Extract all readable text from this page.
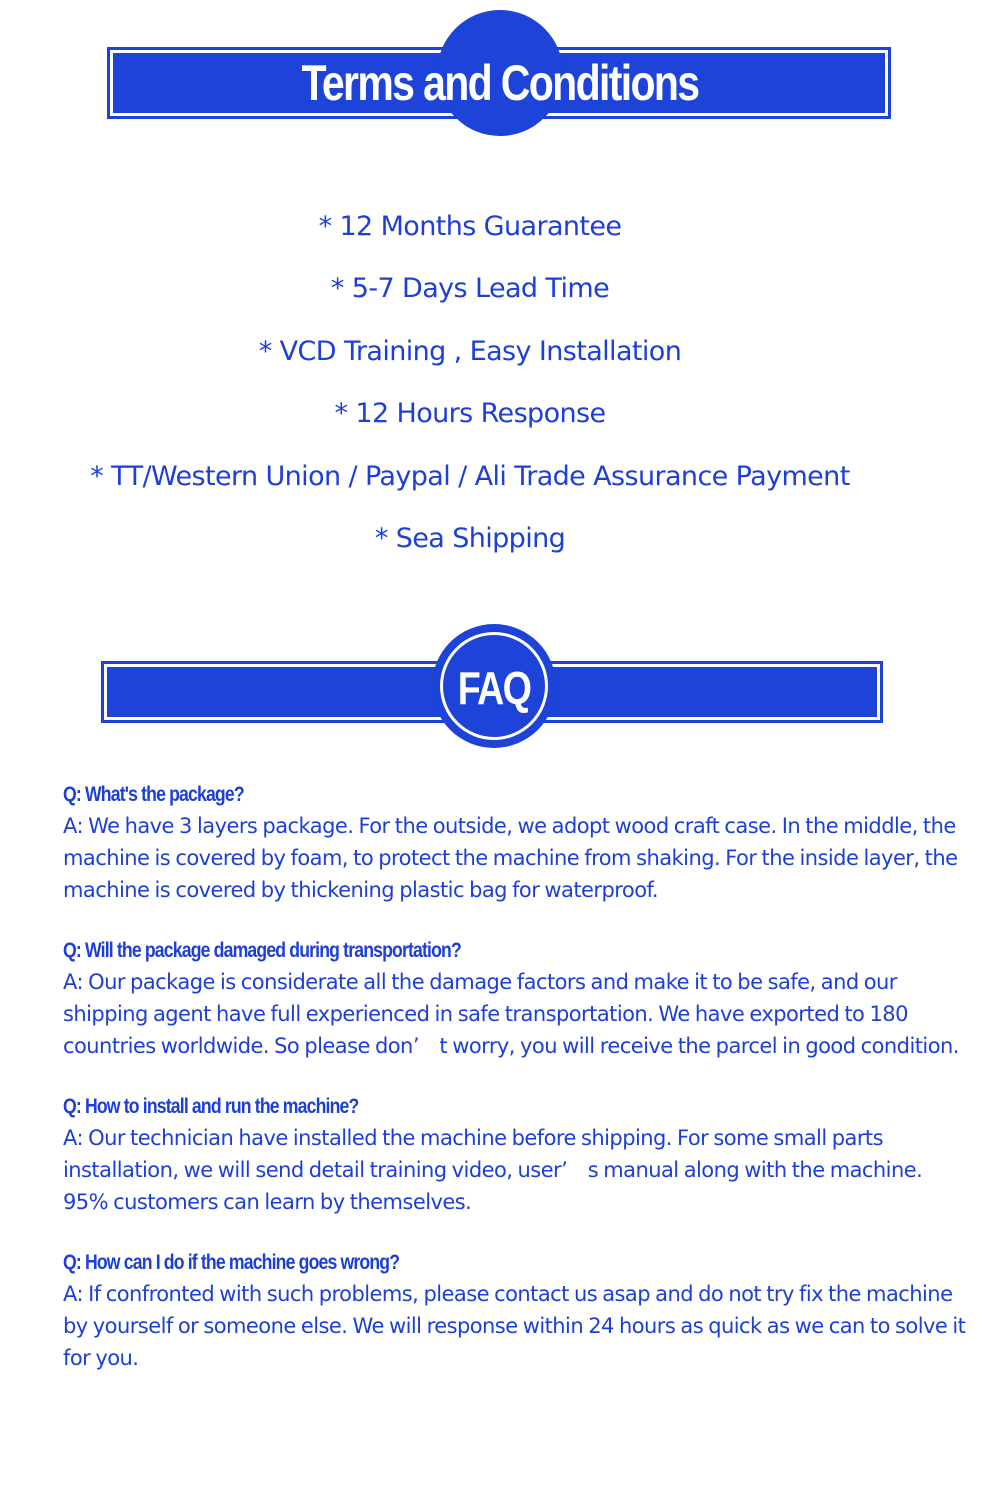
Terms and Conditions
* 12 Months Guarantee
* 5-7 Days Lead Time
* VCD Training , Easy Installation
* 12 Hours Response
* TT/Western Union / Paypal / Ali Trade Assurance Payment
* Sea Shipping
FAQ
Q: What's the package?
A: We have 3 layers package. For the outside, we adopt wood craft case. In the middle, the machine is covered by foam, to protect the machine from shaking. For the inside layer, the machine is covered by thickening plastic bag for waterproof.
Q: Will the package damaged during transportation?
A: Our package is considerate all the damage factors and make it to be safe, and our shipping agent have full experienced in safe transportation. We have exported to 180 countries worldwide. So please don’　t worry, you will receive the parcel in good condition.
Q: How to install and run the machine?
A: Our technician have installed the machine before shipping. For some small parts installation, we will send detail training video, user’　s manual along with the machine. 95% customers can learn by themselves.
Q: How can I do if the machine goes wrong?
A: If confronted with such problems, please contact us asap and do not try fix the machine by yourself or someone else. We will response within 24 hours as quick as we can to solve it for you.
